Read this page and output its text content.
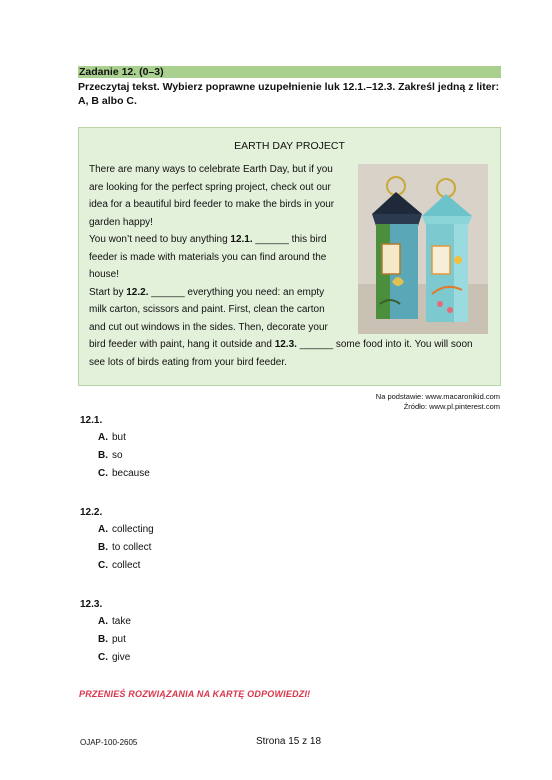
Zadanie 12. (0–3)
Przeczytaj tekst. Wybierz poprawne uzupełnienie luk 12.1.–12.3. Zakreśl jedną z liter:
A, B albo C.
EARTH DAY PROJECT
There are many ways to celebrate Earth Day, but if you
are looking for the perfect spring project, check out our
idea for a beautiful bird feeder to make the birds in your
garden happy!
You won’t need to buy anything 12.1. ______ this bird
feeder is made with materials you can find around the
house!
Start by 12.2. ______ everything you need: an empty
milk carton, scissors and paint. First, clean the carton
and cut out windows in the sides. Then, decorate your
bird feeder with paint, hang it outside and 12.3. ______ some food into it. You will soon
see lots of birds eating from your bird feeder.
Na podstawie: www.macaronikid.com
Źródło: www.pl.pinterest.com
12.1.
A. but
B. so
C. because
12.2.
A. collecting
B. to collect
C. collect
12.3.
A. take
B. put
C. give
PRZENIEŚ ROZWIĄZANIA NA KARTĘ ODPOWIEDZI!
OJAP-100-2605	Strona 15 z 18
